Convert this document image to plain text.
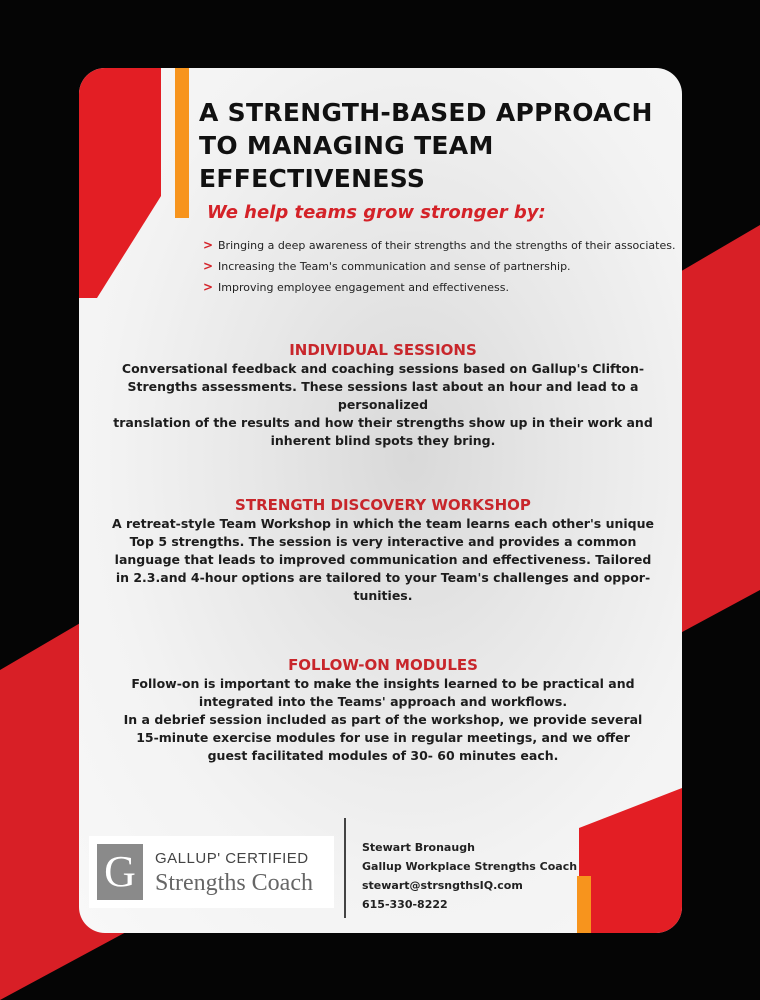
A STRENGTH-BASED APPROACH TO MANAGING TEAM EFFECTIVENESS
We help teams grow stronger by:
> Bringing a deep awareness of their strengths and the strengths of their associates.
> Increasing the Team's communication and sense of partnership.
> Improving employee engagement and effectiveness.
INDIVIDUAL SESSIONS

Conversational feedback and coaching sessions based on Gallup's Clifton-

Strengths assessments. These sessions last about an hour and lead to a

personalized

translation of the results and how their strengths show up in their work and

inherent blind spots they bring.

STRENGTH DISCOVERY WORKSHOP

A retreat-style Team Workshop in which the team learns each other's unique

Top 5 strengths. The session is very interactive and provides a common

language that leads to improved communication and effectiveness. Tailored

in 2.3.and 4-hour options are tailored to your Team's challenges and oppor-

tunities.

FOLLOW-ON MODULES

Follow-on is important to make the insights learned to be practical and

integrated into the Teams' approach and workflows.

In a debrief session included as part of the workshop, we provide several

15-minute exercise modules for use in regular meetings, and we offer

guest facilitated modules of 30- 60 minutes each.

G	GALLUP' CERTIFIED
Strengths Coach
Stewart Bronaugh
Gallup Workplace Strengths Coach
stewart@strsngthsIQ.com
615-330-8222
